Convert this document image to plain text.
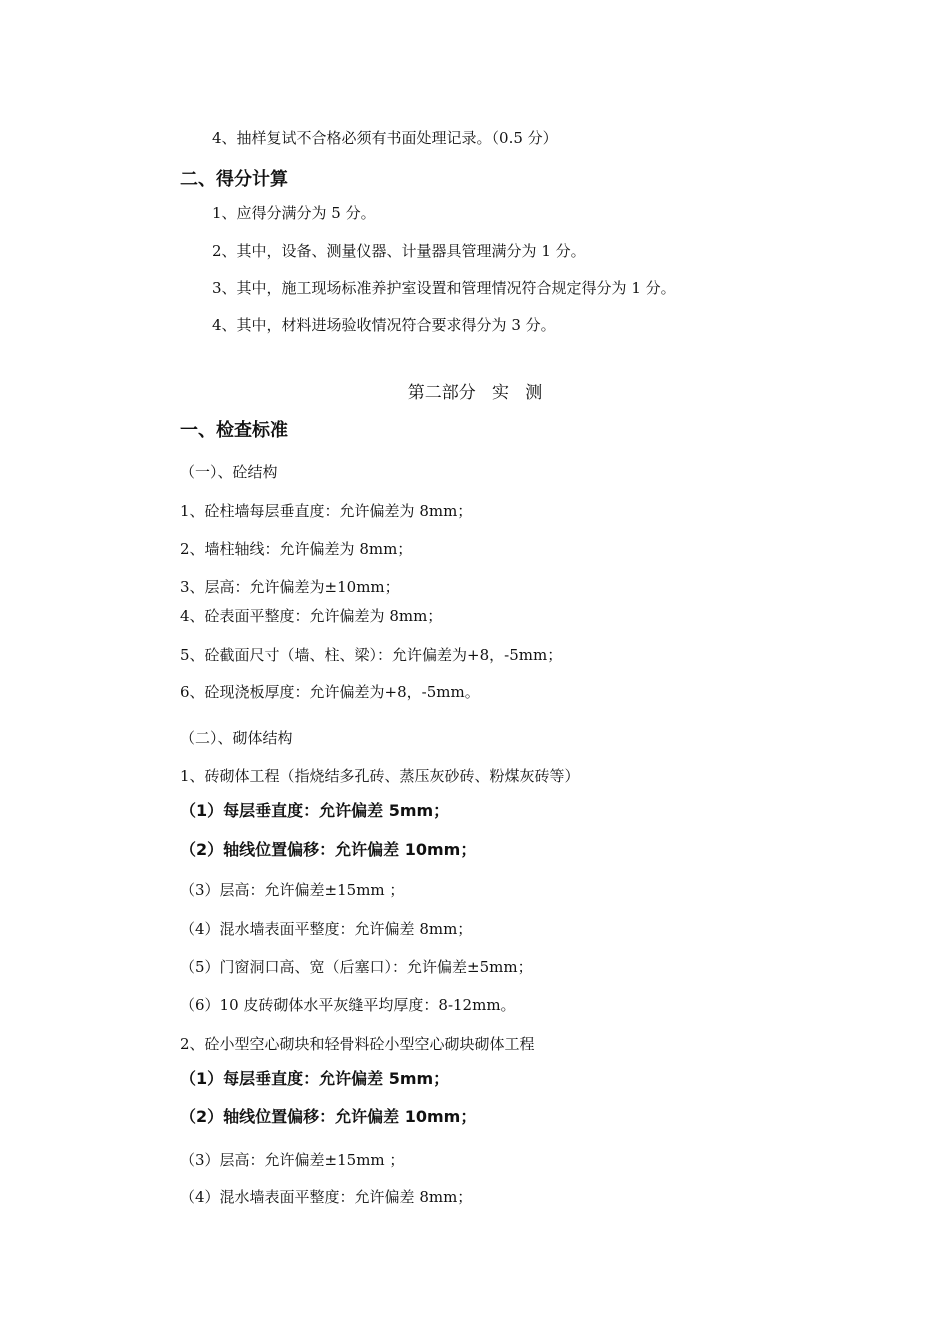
4、抽样复试不合格必须有书面处理记录。（0.5 分）
二、得分计算
1、应得分满分为 5 分。
2、其中，设备、测量仪器、计量器具管理满分为 1 分。
3、其中，施工现场标准养护室设置和管理情况符合规定得分为 1 分。
4、其中，材料进场验收情况符合要求得分为 3 分。
第二部分   实   测
一、检查标准
（一）、砼结构
1、砼柱墙每层垂直度：允许偏差为 8mm；
2、墙柱轴线：允许偏差为 8mm；
3、层高：允许偏差为±10mm；
4、砼表面平整度：允许偏差为 8mm；
5、砼截面尺寸（墙、柱、梁）：允许偏差为+8，-5mm；
6、砼现浇板厚度：允许偏差为+8，-5mm。
（二）、砌体结构
1、砖砌体工程（指烧结多孔砖、蒸压灰砂砖、粉煤灰砖等）
（1）每层垂直度：允许偏差 5mm；
（2）轴线位置偏移：允许偏差 10mm；
（3）层高：允许偏差±15mm ；
（4）混水墙表面平整度：允许偏差 8mm；
（5）门窗洞口高、宽（后塞口）：允许偏差±5mm；
（6）10 皮砖砌体水平灰缝平均厚度：8-12mm。
2、砼小型空心砌块和轻骨料砼小型空心砌块砌体工程
（1）每层垂直度：允许偏差 5mm；
（2）轴线位置偏移：允许偏差 10mm；
（3）层高：允许偏差±15mm ；
（4）混水墙表面平整度：允许偏差 8mm；
